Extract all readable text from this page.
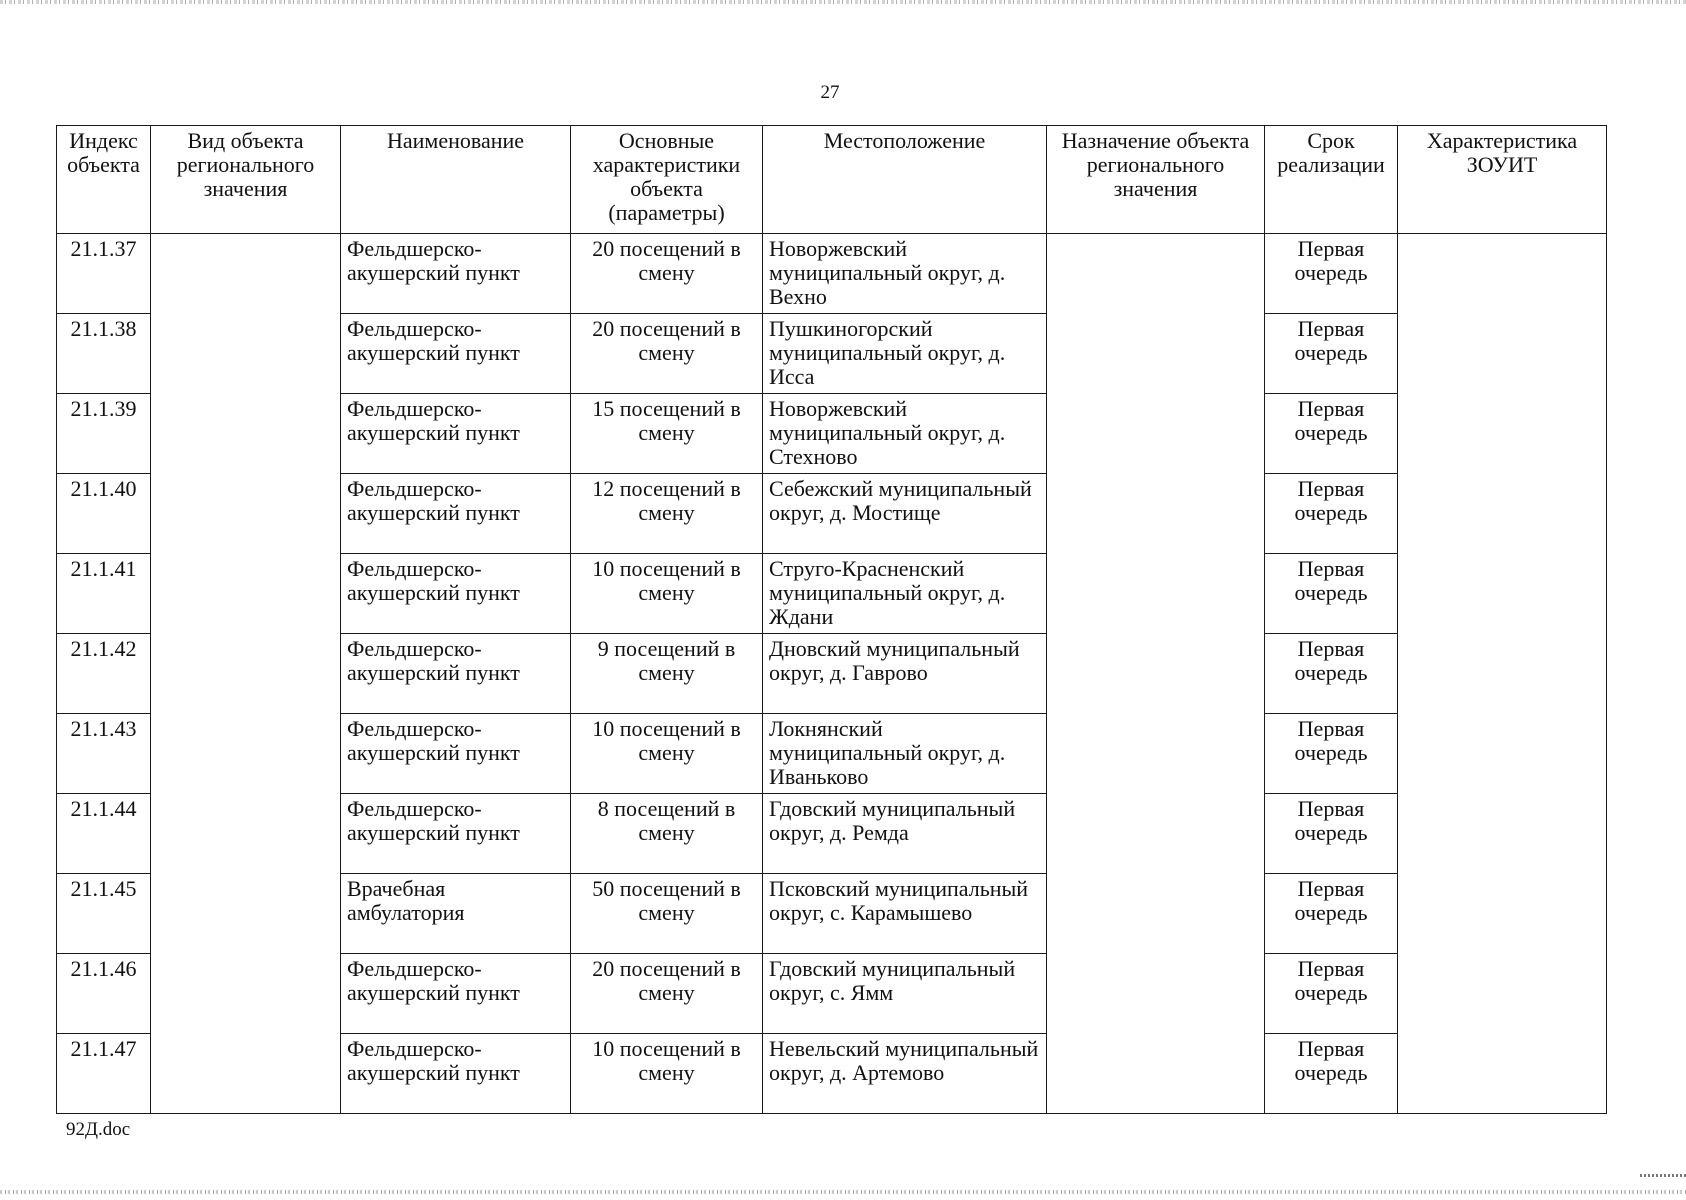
27
Индекс объекта	Вид объекта регионального значения	Наименование	Основные характеристики объекта (параметры)	Местоположение	Назначение объекта регионального значения	Срок реализации	Характеристика ЗОУИТ
21.1.37		Фельдшерско-акушерский пункт	20 посещений в смену	Новоржевский муниципальный округ, д. Вехно		Первая очередь	
21.1.38		Фельдшерско-акушерский пункт	20 посещений в смену	Пушкиногорский муниципальный округ, д. Исса		Первая очередь	
21.1.39		Фельдшерско-акушерский пункт	15 посещений в смену	Новоржевский муниципальный округ, д. Стехново		Первая очередь	
21.1.40		Фельдшерско-акушерский пункт	12 посещений в смену	Себежский муниципальный округ, д. Мостище		Первая очередь	
21.1.41		Фельдшерско-акушерский пункт	10 посещений в смену	Струго-Красненский муниципальный округ, д. Ждани		Первая очередь	
21.1.42		Фельдшерско-акушерский пункт	9 посещений в смену	Дновский муниципальный округ, д. Гаврово		Первая очередь	
21.1.43		Фельдшерско-акушерский пункт	10 посещений в смену	Локнянский муниципальный округ, д. Иваньково		Первая очередь	
21.1.44		Фельдшерско-акушерский пункт	8 посещений в смену	Гдовский муниципальный округ, д. Ремда		Первая очередь	
21.1.45		Врачебная амбулатория	50 посещений в смену	Псковский муниципальный округ, с. Карамышево		Первая очередь	
21.1.46		Фельдшерско-акушерский пункт	20 посещений в смену	Гдовский муниципальный округ, с. Ямм		Первая очередь	
21.1.47		Фельдшерско-акушерский пункт	10 посещений в смену	Невельский муниципальный округ, д. Артемово		Первая очередь	
92Д.doc
